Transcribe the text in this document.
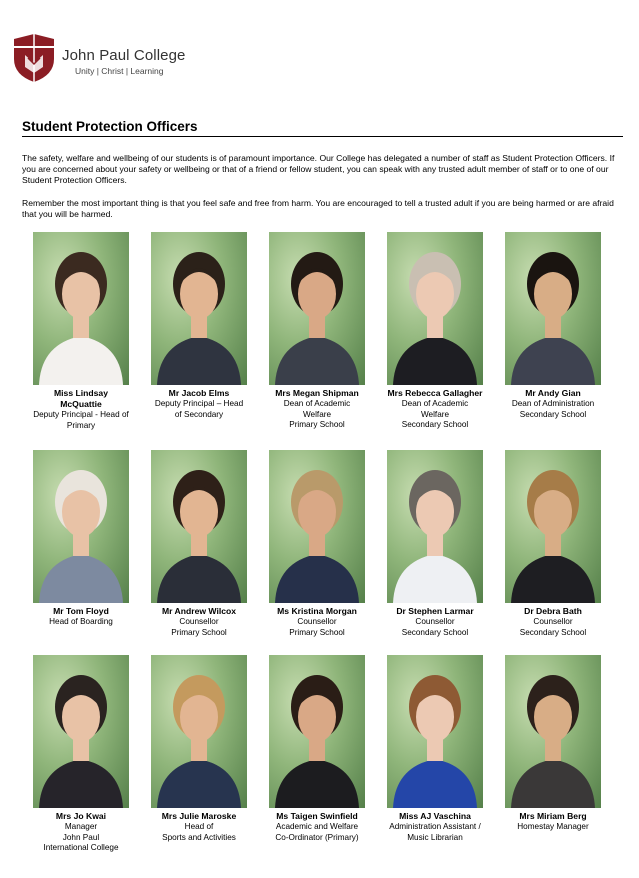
John Paul College
Unity | Christ | Learning
Student Protection Officers
The safety, welfare and wellbeing of our students is of paramount importance. Our College has delegated a number of staff as Student Protection Officers. If you are concerned about your safety or wellbeing or that of a friend or fellow student, you can speak with any trusted adult member of staff or to one of our Student Protection Officers.
Remember the most important thing is that you feel safe and free from harm. You are encouraged to tell a trusted adult if you are being harmed or are afraid that you will be harmed.
Miss Lindsay McQuattie
Deputy Principal - Head of Primary
Mr Jacob Elms
Deputy Principal – Head of Secondary
Mrs Megan Shipman
Dean of Academic
Welfare
Primary School
Mrs Rebecca Gallagher
Dean of Academic
Welfare
Secondary School
Mr Andy Gian
Dean of Administration
Secondary School
Mr Tom Floyd
Head of Boarding
Mr Andrew Wilcox
Counsellor
Primary School
Ms Kristina Morgan
Counsellor
Primary School
Dr Stephen Larmar
Counsellor
Secondary School
Dr Debra Bath
Counsellor
Secondary School
Mrs Jo Kwai
Manager
John Paul
International College
Mrs Julie Maroske
Head of
Sports and Activities
Ms Taigen Swinfield
Academic and Welfare
Co-Ordinator (Primary)
Miss AJ Vaschina
Administration Assistant /
Music Librarian
Mrs Miriam Berg
Homestay Manager
